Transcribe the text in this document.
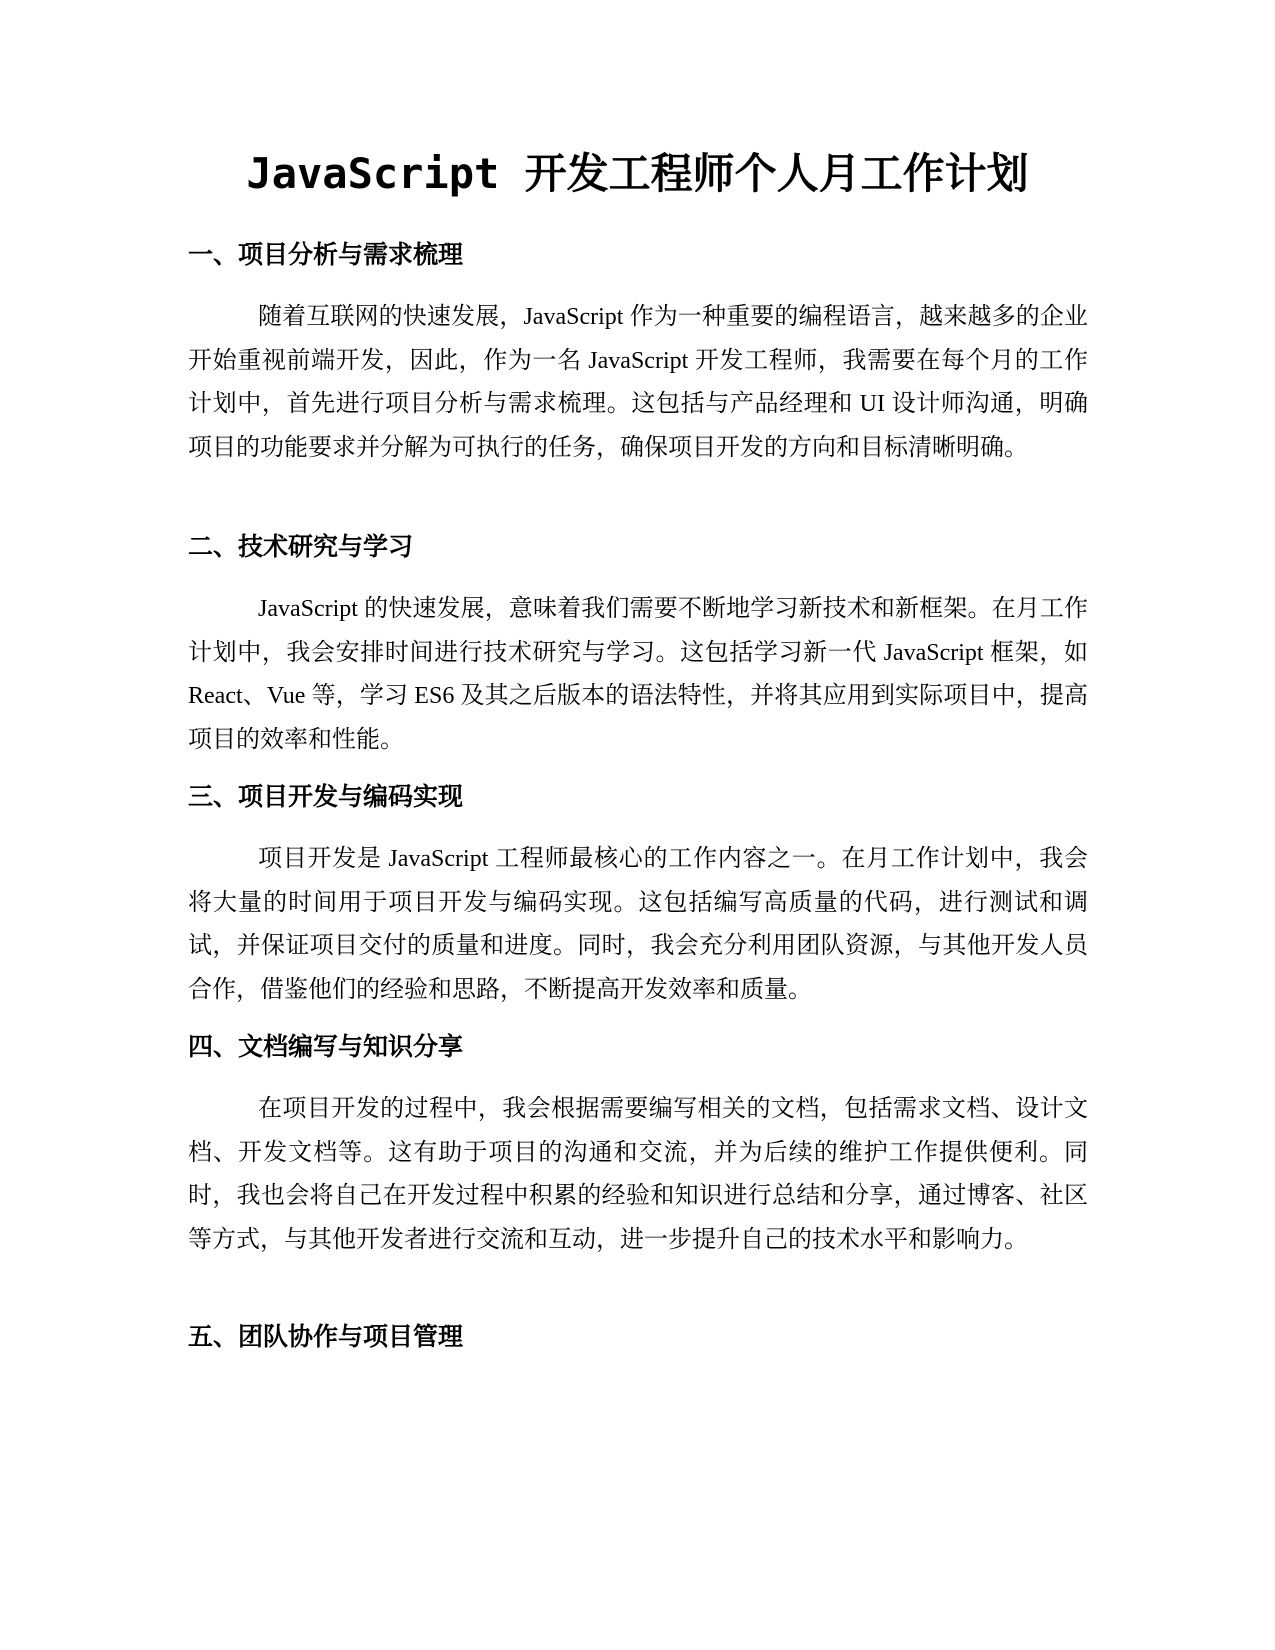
JavaScript 开发工程师个人月工作计划
一、项目分析与需求梳理

随着互联网的快速发展，JavaScript 作为一种重要的编程语言，越来越多的企业开始重视前端开发，因此，作为一名 JavaScript 开发工程师，我需要在每个月的工作计划中，首先进行项目分析与需求梳理。这包括与产品经理和 UI 设计师沟通，明确项目的功能要求并分解为可执行的任务，确保项目开发的方向和目标清晰明确。

二、技术研究与学习

JavaScript 的快速发展，意味着我们需要不断地学习新技术和新框架。在月工作计划中，我会安排时间进行技术研究与学习。这包括学习新一代 JavaScript 框架，如 React、Vue 等，学习 ES6 及其之后版本的语法特性，并将其应用到实际项目中，提高项目的效率和性能。

三、项目开发与编码实现

项目开发是 JavaScript 工程师最核心的工作内容之一。在月工作计划中，我会将大量的时间用于项目开发与编码实现。这包括编写高质量的代码，进行测试和调试，并保证项目交付的质量和进度。同时，我会充分利用团队资源，与其他开发人员合作，借鉴他们的经验和思路，不断提高开发效率和质量。

四、文档编写与知识分享

在项目开发的过程中，我会根据需要编写相关的文档，包括需求文档、设计文档、开发文档等。这有助于项目的沟通和交流，并为后续的维护工作提供便利。同时，我也会将自己在开发过程中积累的经验和知识进行总结和分享，通过博客、社区等方式，与其他开发者进行交流和互动，进一步提升自己的技术水平和影响力。

五、团队协作与项目管理
